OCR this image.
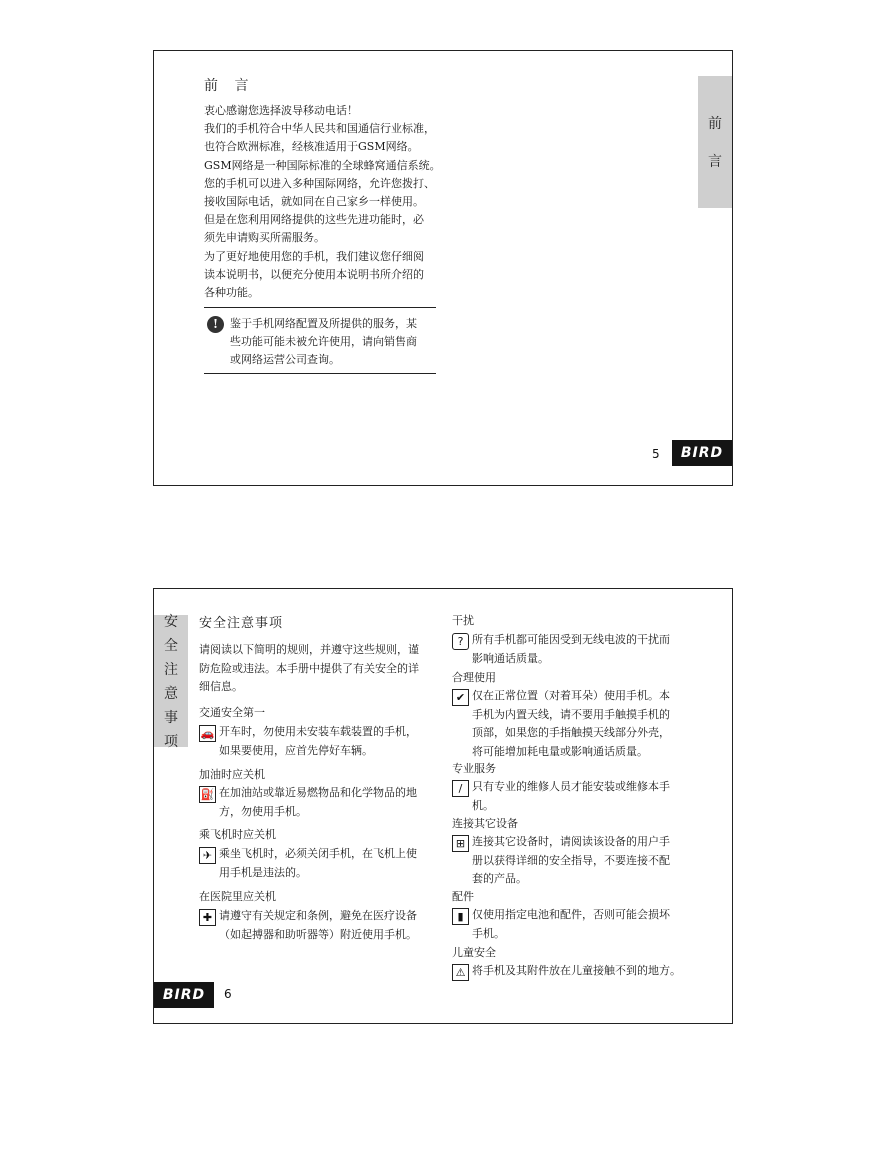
前
言
前 言
衷心感谢您选择波导移动电话！
我们的手机符合中华人民共和国通信行业标准，
也符合欧洲标准，经核准适用于GSM网络。
GSM网络是一种国际标准的全球蜂窝通信系统。
您的手机可以进入多种国际网络，允许您拨打、
接收国际电话，就如同在自己家乡一样使用。
但是在您利用网络提供的这些先进功能时，必
须先申请购买所需服务。
为了更好地使用您的手机，我们建议您仔细阅
读本说明书，以便充分使用本说明书所介绍的
各种功能。
!	鉴于手机网络配置及所提供的服务，某
些功能可能未被允许使用，请向销售商
或网络运营公司查询。
5	BIRD
安
全
注
意
事
项
安全注意事项
请阅读以下简明的规则，并遵守这些规则，谨
防危险或违法。本手册中提供了有关安全的详
细信息。
交通安全第一
🚗 开车时，勿使用未安装车载装置的手机，
如果要使用，应首先停好车辆。
加油时应关机
⛽ 在加油站或靠近易燃物品和化学物品的地
方，勿使用手机。
乘飞机时应关机
✈ 乘坐飞机时，必须关闭手机，在飞机上使
用手机是违法的。
在医院里应关机
✚ 请遵守有关规定和条例，避免在医疗设备
（如起搏器和助听器等）附近使用手机。
干扰
? 所有手机都可能因受到无线电波的干扰而
影响通话质量。
合理使用
✔ 仅在正常位置（对着耳朵）使用手机。本
手机为内置天线，请不要用手触摸手机的
顶部，如果您的手指触摸天线部分外壳，
将可能增加耗电量或影响通话质量。
专业服务
/ 只有专业的维修人员才能安装或维修本手
机。
连接其它设备
⊞ 连接其它设备时，请阅读该设备的用户手
册以获得详细的安全指导，不要连接不配
套的产品。
配件
▮ 仅使用指定电池和配件，否则可能会损坏
手机。
儿童安全
⚠ 将手机及其附件放在儿童接触不到的地方。
BIRD	6
